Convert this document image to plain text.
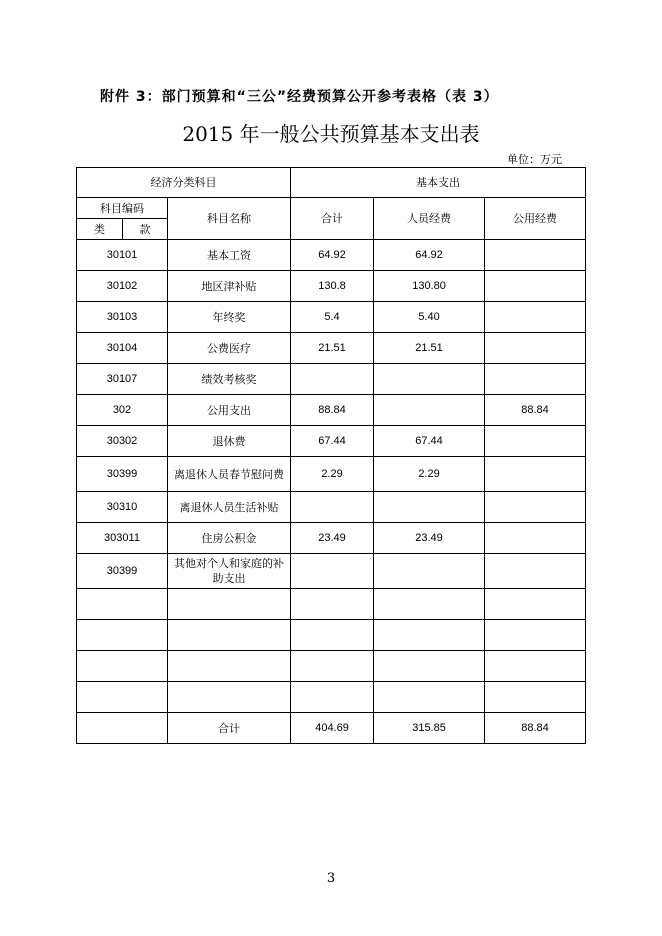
附件 3：部门预算和“三公”经费预算公开参考表格（表 3）
2015 年一般公共预算基本支出表
单位：万元
经济分类科目			基本支出		
科目编码		科目名称	合计	人员经费	公用经费
类	款				
30101		基本工资	64.92	64.92	
30102		地区津补贴	130.8	130.80	
30103		年终奖	5.4	5.40	
30104		公费医疗	21.51	21.51	
30107		绩效考核奖			
302		公用支出	88.84		88.84
30302		退休费	67.44	67.44	
30399		离退休人员春节慰问费	2.29	2.29	
30310		离退休人员生活补贴			
303011		住房公积金	23.49	23.49	
30399		其他对个人和家庭的补助支出			

		合计	404.69	315.85	88.84
3
